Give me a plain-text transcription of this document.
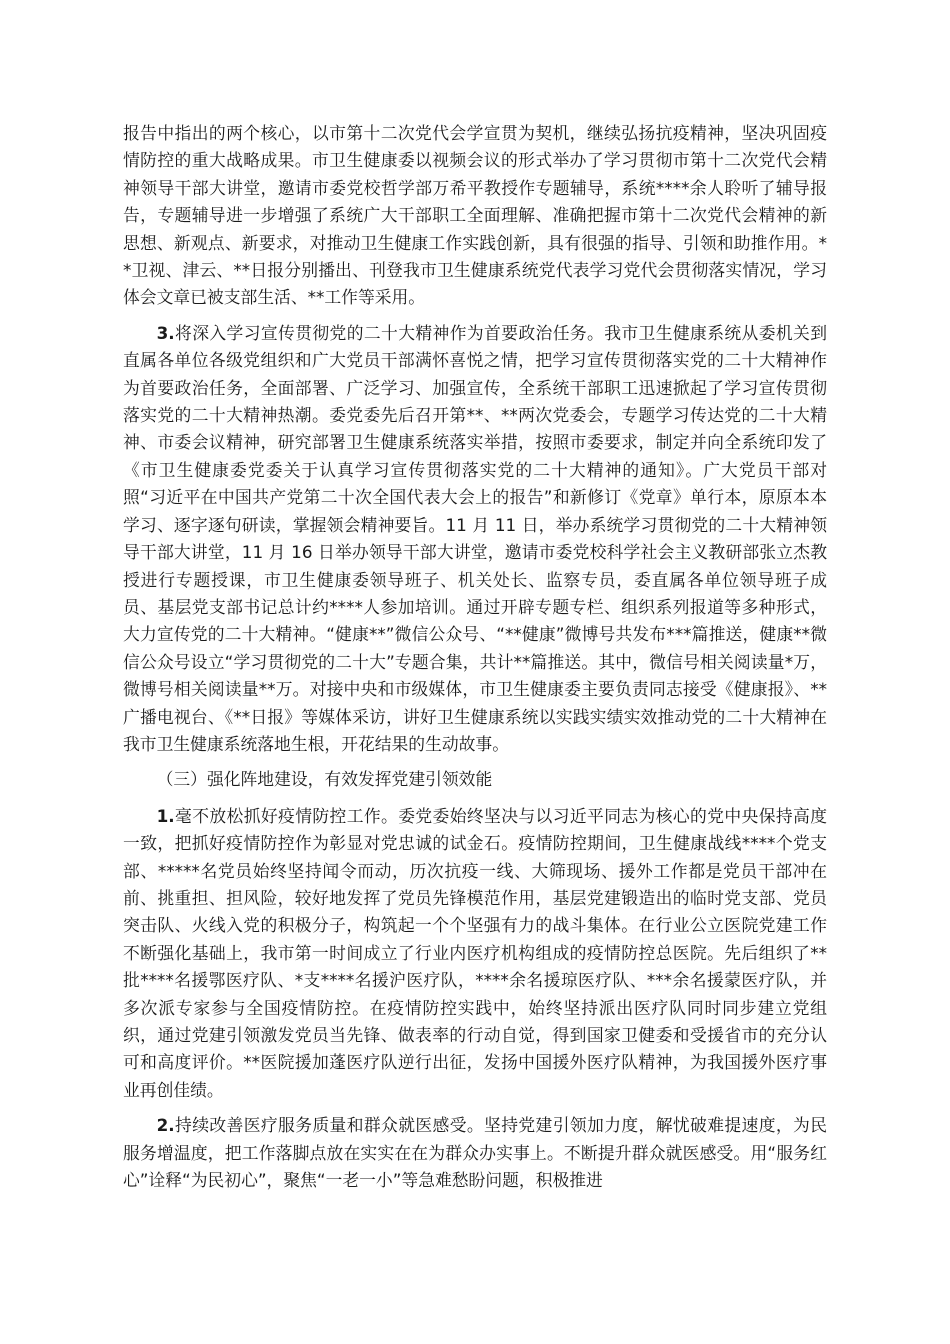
报告中指出的两个核心，以市第十二次党代会学宣贯为契机，继续弘扬抗疫精神，坚决巩固疫情防控的重大战略成果。市卫生健康委以视频会议的形式举办了学习贯彻市第十二次党代会精神领导干部大讲堂，邀请市委党校哲学部万希平教授作专题辅导，系统****余人聆听了辅导报告，专题辅导进一步增强了系统广大干部职工全面理解、准确把握市第十二次党代会精神的新思想、新观点、新要求，对推动卫生健康工作实践创新，具有很强的指导、引领和助推作用。**卫视、津云、**日报分别播出、刊登我市卫生健康系统党代表学习党代会贯彻落实情况，学习体会文章已被支部生活、**工作等采用。

3.将深入学习宣传贯彻党的二十大精神作为首要政治任务。我市卫生健康系统从委机关到直属各单位各级党组织和广大党员干部满怀喜悦之情，把学习宣传贯彻落实党的二十大精神作为首要政治任务，全面部署、广泛学习、加强宣传，全系统干部职工迅速掀起了学习宣传贯彻落实党的二十大精神热潮。委党委先后召开第**、**两次党委会，专题学习传达党的二十大精神、市委会议精神，研究部署卫生健康系统落实举措，按照市委要求，制定并向全系统印发了《市卫生健康委党委关于认真学习宣传贯彻落实党的二十大精神的通知》。广大党员干部对照“习近平在中国共产党第二十次全国代表大会上的报告”和新修订《党章》单行本，原原本本学习、逐字逐句研读，掌握领会精神要旨。11 月 11 日，举办系统学习贯彻党的二十大精神领导干部大讲堂，11 月 16 日举办领导干部大讲堂，邀请市委党校科学社会主义教研部张立杰教授进行专题授课，市卫生健康委领导班子、机关处长、监察专员，委直属各单位领导班子成员、基层党支部书记总计约****人参加培训。通过开辟专题专栏、组织系列报道等多种形式，大力宣传党的二十大精神。“健康**”微信公众号、“**健康”微博号共发布***篇推送，健康**微信公众号设立“学习贯彻党的二十大”专题合集，共计**篇推送。其中，微信号相关阅读量*万，微博号相关阅读量**万。对接中央和市级媒体，市卫生健康委主要负责同志接受《健康报》、**广播电视台、《**日报》等媒体采访，讲好卫生健康系统以实践实绩实效推动党的二十大精神在我市卫生健康系统落地生根，开花结果的生动故事。

（三）强化阵地建设，有效发挥党建引领效能

1.毫不放松抓好疫情防控工作。委党委始终坚决与以习近平同志为核心的党中央保持高度一致，把抓好疫情防控作为彰显对党忠诚的试金石。疫情防控期间，卫生健康战线****个党支部、*****名党员始终坚持闻令而动，历次抗疫一线、大筛现场、援外工作都是党员干部冲在前、挑重担、担风险，较好地发挥了党员先锋模范作用，基层党建锻造出的临时党支部、党员突击队、火线入党的积极分子，构筑起一个个坚强有力的战斗集体。在行业公立医院党建工作不断强化基础上，我市第一时间成立了行业内医疗机构组成的疫情防控总医院。先后组织了**批****名援鄂医疗队、*支****名援沪医疗队，****余名援琼医疗队、***余名援蒙医疗队，并多次派专家参与全国疫情防控。在疫情防控实践中，始终坚持派出医疗队同时同步建立党组织，通过党建引领激发党员当先锋、做表率的行动自觉，得到国家卫健委和受援省市的充分认可和高度评价。**医院援加蓬医疗队逆行出征，发扬中国援外医疗队精神，为我国援外医疗事业再创佳绩。

2.持续改善医疗服务质量和群众就医感受。坚持党建引领加力度，解忧破难提速度，为民服务增温度，把工作落脚点放在实实在在为群众办实事上。不断提升群众就医感受。用“服务红心”诠释“为民初心”，聚焦“一老一小”等急难愁盼问题，积极推进
